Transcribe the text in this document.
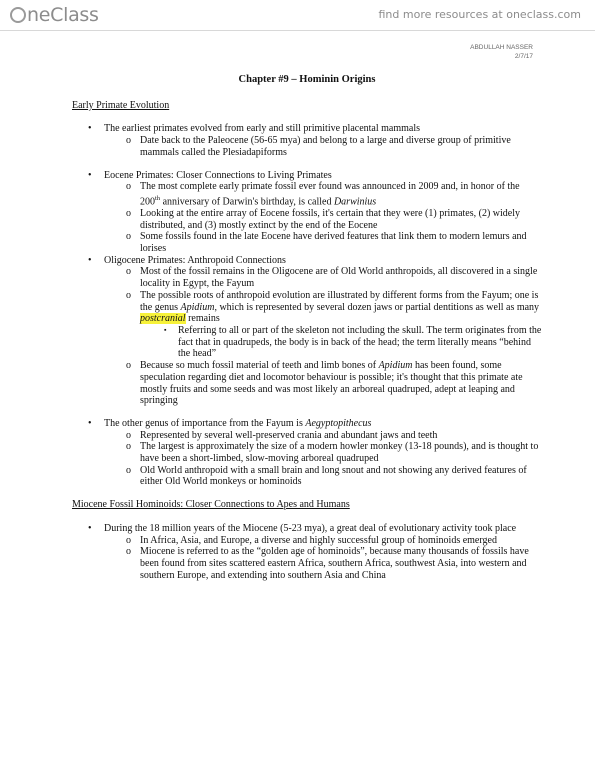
neClass	find more resources at oneclass.com
ABDULLAH NASSER
2/7/17
Chapter #9 – Hominin Origins
Early Primate Evolution
• The earliest primates evolved from early and still primitive placental mammals
o Date back to the Paleocene (56-65 mya) and belong to a large and diverse group of primitive mammals called the Plesiadapiforms
• Eocene Primates: Closer Connections to Living Primates
o The most complete early primate fossil ever found was announced in 2009 and, in honor of the 200th anniversary of Darwin's birthday, is called Darwinius
o Looking at the entire array of Eocene fossils, it's certain that they were (1) primates, (2) widely distributed, and (3) mostly extinct by the end of the Eocene
o Some fossils found in the late Eocene have derived features that link them to modern lemurs and lorises
• Oligocene Primates: Anthropoid Connections
o Most of the fossil remains in the Oligocene are of Old World anthropoids, all discovered in a single locality in Egypt, the Fayum
o The possible roots of anthropoid evolution are illustrated by different forms from the Fayum; one is the genus Apidium, which is represented by several dozen jaws or partial dentitions as well as many postcranial remains
▪ Referring to all or part of the skeleton not including the skull. The term originates from the fact that in quadrupeds, the body is in back of the head; the term literally means “behind the head”
o Because so much fossil material of teeth and limb bones of Apidium has been found, some speculation regarding diet and locomotor behaviour is possible; it's thought that this primate ate mostly fruits and some seeds and was most likely an arboreal quadruped, adept at leaping and springing
• The other genus of importance from the Fayum is Aegyptopithecus
o Represented by several well-preserved crania and abundant jaws and teeth
o The largest is approximately the size of a modern howler monkey (13-18 pounds), and is thought to have been a short-limbed, slow-moving arboreal quadruped
o Old World anthropoid with a small brain and long snout and not showing any derived features of either Old World monkeys or hominoids
Miocene Fossil Hominoids: Closer Connections to Apes and Humans
• During the 18 million years of the Miocene (5-23 mya), a great deal of evolutionary activity took place
o In Africa, Asia, and Europe, a diverse and highly successful group of hominoids emerged
o Miocene is referred to as the “golden age of hominoids”, because many thousands of fossils have been found from sites scattered eastern Africa, southern Africa, southwest Asia, into western and southern Europe, and extending into southern Asia and China
